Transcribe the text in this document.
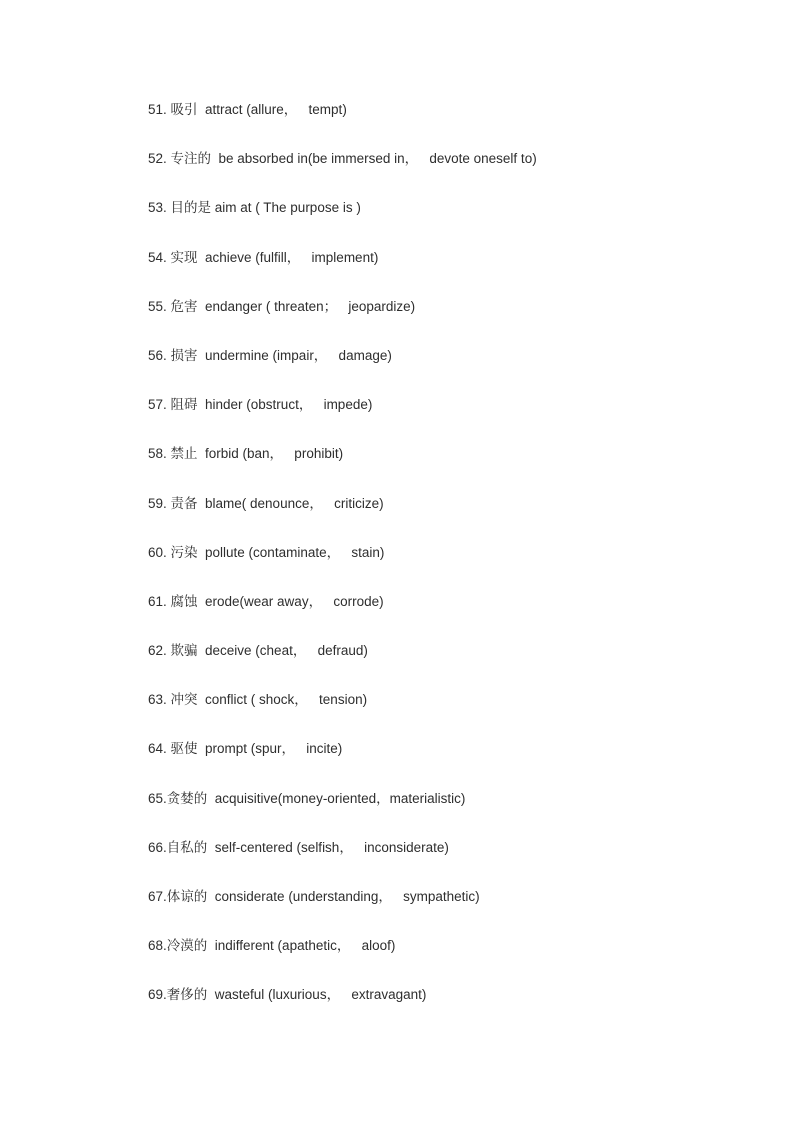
51. 吸引  attract (allure，   tempt)
52. 专注的  be absorbed in(be immersed in，   devote oneself to)
53. 目的是 aim at ( The purpose is )
54. 实现  achieve (fulfill，   implement)
55. 危害  endanger ( threaten；   jeopardize)
56. 损害  undermine (impair，   damage)
57. 阻碍  hinder (obstruct，   impede)
58. 禁止  forbid (ban，   prohibit)
59. 责备  blame( denounce，   criticize)
60. 污染  pollute (contaminate，   stain)
61. 腐蚀  erode(wear away，   corrode)
62. 欺骗  deceive (cheat，   defraud)
63. 冲突  conflict ( shock，   tension)
64. 驱使  prompt (spur，   incite)
65.贪婪的  acquisitive(money-oriented，materialistic)
66.自私的  self-centered (selfish，   inconsiderate)
67.体谅的  considerate (understanding，   sympathetic)
68.冷漠的  indifferent (apathetic，   aloof)
69.奢侈的  wasteful (luxurious，   extravagant)
